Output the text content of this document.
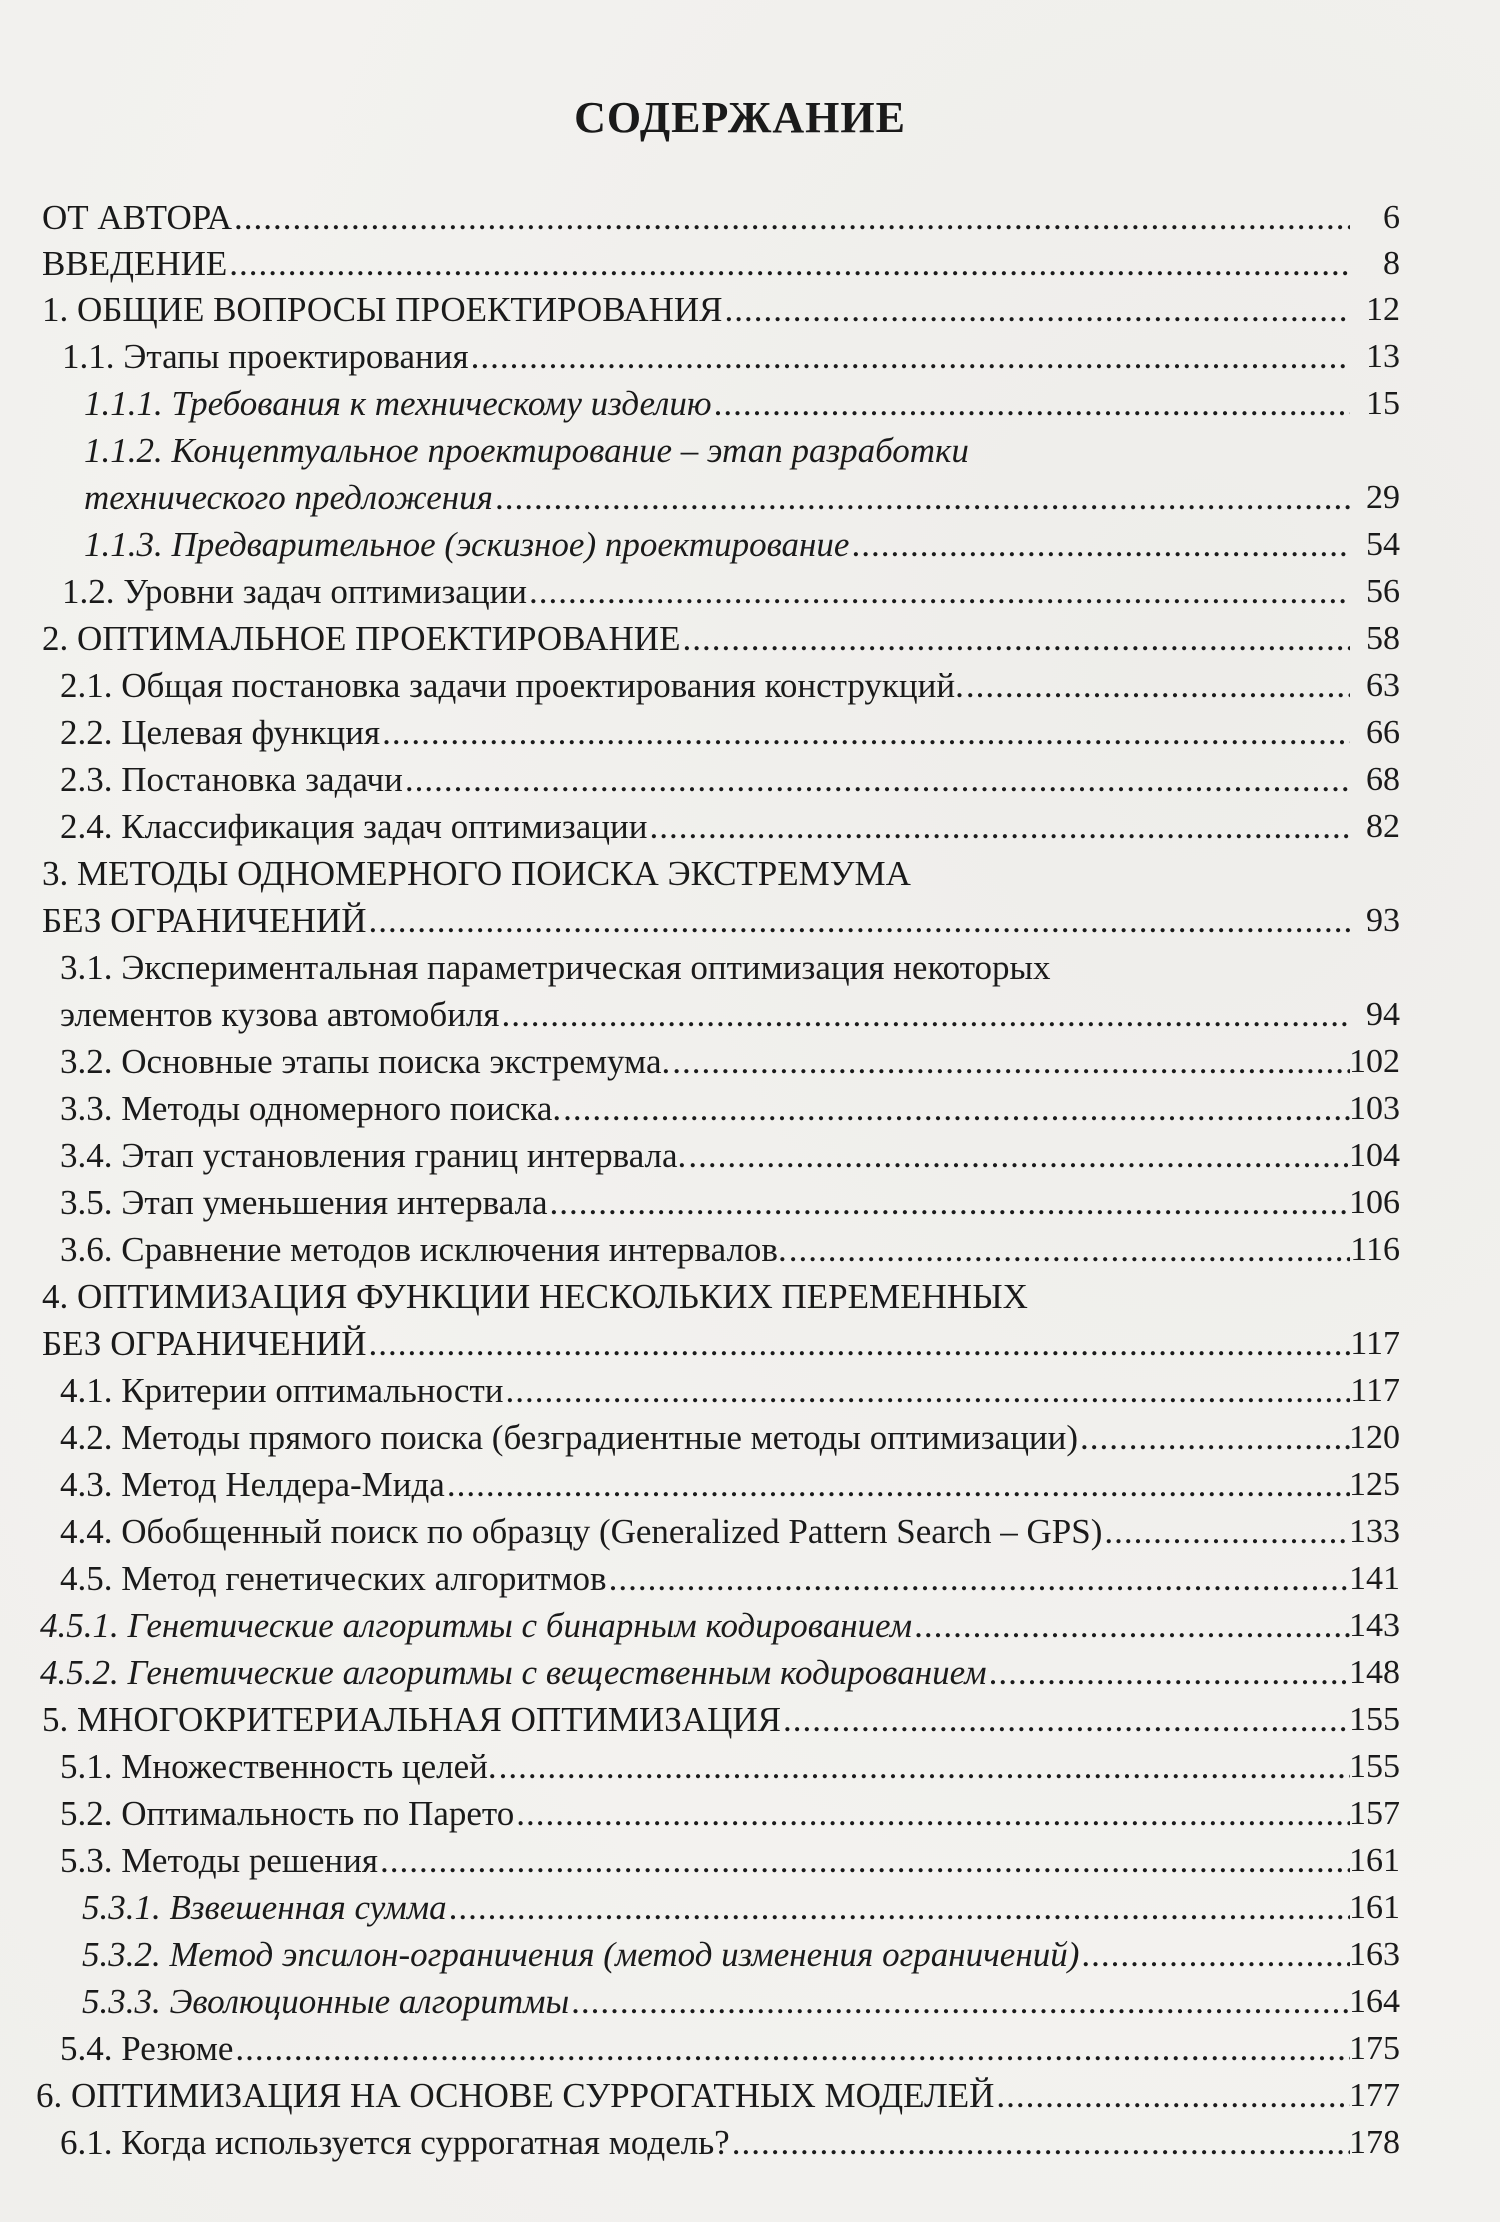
СОДЕРЖАНИЕ
ОТ АВТОРА .....	6
ВВЕДЕНИЕ .....	8
1. ОБЩИЕ ВОПРОСЫ ПРОЕКТИРОВАНИЯ .....	12
1.1. Этапы проектирования .....	13
1.1.1. Требования к техническому изделию .....	15
1.1.2. Концептуальное проектирование – этап разработки
технического предложения .....	29
1.1.3. Предварительное (эскизное) проектирование .....	54
1.2. Уровни задач оптимизации .....	56
2. ОПТИМАЛЬНОЕ ПРОЕКТИРОВАНИЕ .....	58
2.1. Общая постановка задачи проектирования конструкций. .....	63
2.2. Целевая функция .....	66
2.3. Постановка задачи .....	68
2.4. Классификация задач оптимизации .....	82
3. МЕТОДЫ ОДНОМЕРНОГО ПОИСКА ЭКСТРЕМУМА
БЕЗ ОГРАНИЧЕНИЙ .....	93
3.1. Экспериментальная параметрическая оптимизация некоторых
элементов кузова автомобиля .....	94
3.2. Основные этапы поиска экстремума. .....	102
3.3. Методы одномерного поиска. .....	103
3.4. Этап установления границ интервала. .....	104
3.5. Этап уменьшения интервала .....	106
3.6. Сравнение методов исключения интервалов. .....	116
4. ОПТИМИЗАЦИЯ ФУНКЦИИ НЕСКОЛЬКИХ ПЕРЕМЕННЫХ
БЕЗ ОГРАНИЧЕНИЙ .....	117
4.1. Критерии оптимальности .....	117
4.2. Методы прямого поиска (безградиентные методы оптимизации) .....	120
4.3. Метод Нелдера-Мида .....	125
4.4. Обобщенный поиск по образцу (Generalized Pattern Search – GPS) .....	133
4.5. Метод генетических алгоритмов .....	141
4.5.1. Генетические алгоритмы с бинарным кодированием .....	143
4.5.2. Генетические алгоритмы с вещественным кодированием .....	148
5. МНОГОКРИТЕРИАЛЬНАЯ ОПТИМИЗАЦИЯ .....	155
5.1. Множественность целей. .....	155
5.2. Оптимальность по Парето .....	157
5.3. Методы решения .....	161
5.3.1. Взвешенная сумма .....	161
5.3.2. Метод эпсилон-ограничения (метод изменения ограничений) .....	163
5.3.3. Эволюционные алгоритмы .....	164
5.4. Резюме .....	175
6. ОПТИМИЗАЦИЯ НА ОСНОВЕ СУРРОГАТНЫХ МОДЕЛЕЙ .....	177
6.1. Когда используется суррогатная модель? .....	178
